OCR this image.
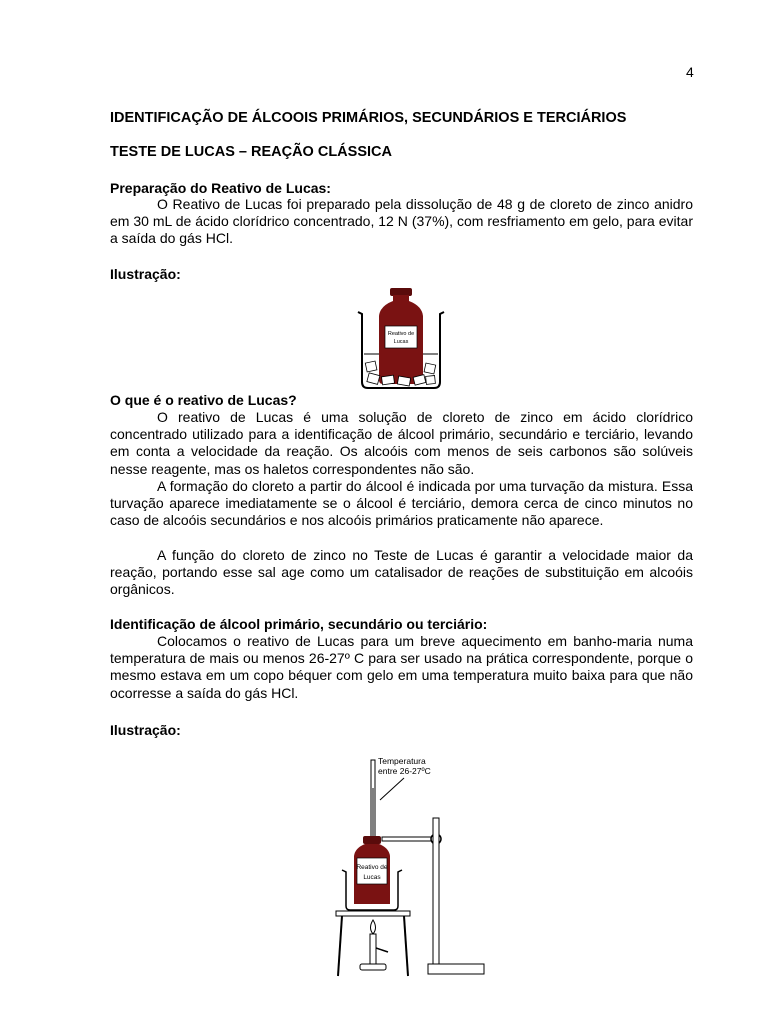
4
IDENTIFICAÇÃO DE ÁLCOOIS PRIMÁRIOS, SECUNDÁRIOS E TERCIÁRIOS
TESTE DE LUCAS – REAÇÃO CLÁSSICA
Preparação do Reativo de Lucas:

O Reativo de Lucas foi preparado pela dissolução de 48 g de cloreto de zinco anidro em 30 mL de ácido clorídrico concentrado, 12 N (37%), com resfriamento em gelo, para evitar a saída do gás HCl.

Ilustração:
Reativo de
Lucas
O que é o reativo de Lucas?

O reativo de Lucas é uma solução de cloreto de zinco em ácido clorídrico concentrado utilizado para a identificação de álcool primário, secundário e terciário, levando em conta a velocidade da reação. Os alcoóis com menos de seis carbonos são solúveis nesse reagente, mas os haletos correspondentes não são.

A formação do cloreto a partir do álcool é indicada por uma turvação da mistura. Essa turvação aparece imediatamente se o álcool é terciário, demora cerca de cinco minutos no caso de alcoóis secundários e nos alcoóis primários praticamente não aparece.

A função do cloreto de zinco no Teste de Lucas é garantir a velocidade maior da reação, portando esse sal age como um catalisador de reações de substituição em alcoóis orgânicos.

Identificação de álcool primário, secundário ou terciário:

Colocamos o reativo de Lucas para um breve aquecimento em banho-maria numa temperatura de mais ou menos 26-27º C para ser usado na prática correspondente, porque o mesmo estava em um copo béquer com gelo em uma temperatura muito baixa para que não ocorresse a saída do gás HCl.

Ilustração:
Temperatura
entre 26-27ºC
Reativo de
Lucas
